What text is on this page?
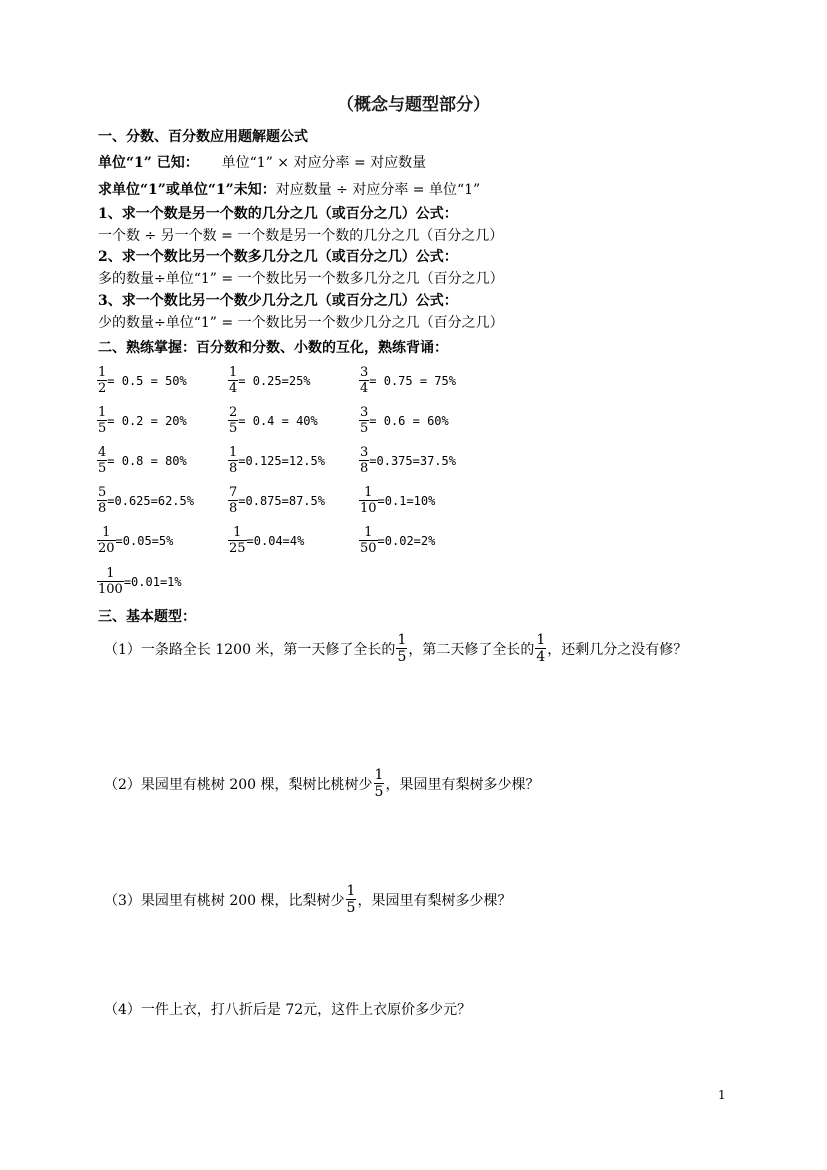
（概念与题型部分）
一、分数、百分数应用题解题公式
单位“1” 已知： 单位“1” × 对应分率 = 对应数量
求单位“1”或单位“1”未知：对应数量 ÷ 对应分率 = 单位“1”
1、求一个数是另一个数的几分之几（或百分之几）公式：
一个数 ÷ 另一个数 = 一个数是另一个数的几分之几（百分之几）
2、求一个数比另一个数多几分之几（或百分之几）公式：
多的数量÷单位“1” = 一个数比另一个数多几分之几（百分之几）
3、求一个数比另一个数少几分之几（或百分之几）公式：
少的数量÷单位“1” = 一个数比另一个数少几分之几（百分之几）
二、熟练掌握：百分数和分数、小数的互化，熟练背诵：
$\frac{1}{2} = 0.5 = 50\%$	$\frac{1}{4} = 0.25=25\%$	$\frac{3}{4} = 0.75 = 75\%$
$\frac{1}{5} = 0.2 = 20\%$	$\frac{2}{5} = 0.4 = 40\%$	$\frac{3}{5} = 0.6 = 60\%$
$\frac{4}{5} = 0.8 = 80\%$	$\frac{1}{8} =0.125=12.5\%$	$\frac{3}{8} =0.375=37.5\%$
$\frac{5}{8} =0.625=62.5\%$	$\frac{7}{8} =0.875=87.5\%$	$\frac{1}{10} =0.1=10\%$
$\frac{1}{20} =0.05=5\%$	$\frac{1}{25} =0.04=4\%$	$\frac{1}{50} =0.02=2\%$
$\frac{1}{100} =0.01=1\%$
三、基本题型：
（1）一条路全长 1200 米，第一天修了全长的 $\frac{1}{5}$ ，第二天修了全长的 $\frac{1}{4}$ ，还剩几分之没有修？
（2）果园里有桃树 200 棵，梨树比桃树少 $\frac{1}{5}$ ，果园里有梨树多少棵？
（3）果园里有桃树 200 棵，比梨树少 $\frac{1}{5}$ ，果园里有梨树多少棵？
（4）一件上衣，打八折后是 72元，这件上衣原价多少元？
1
